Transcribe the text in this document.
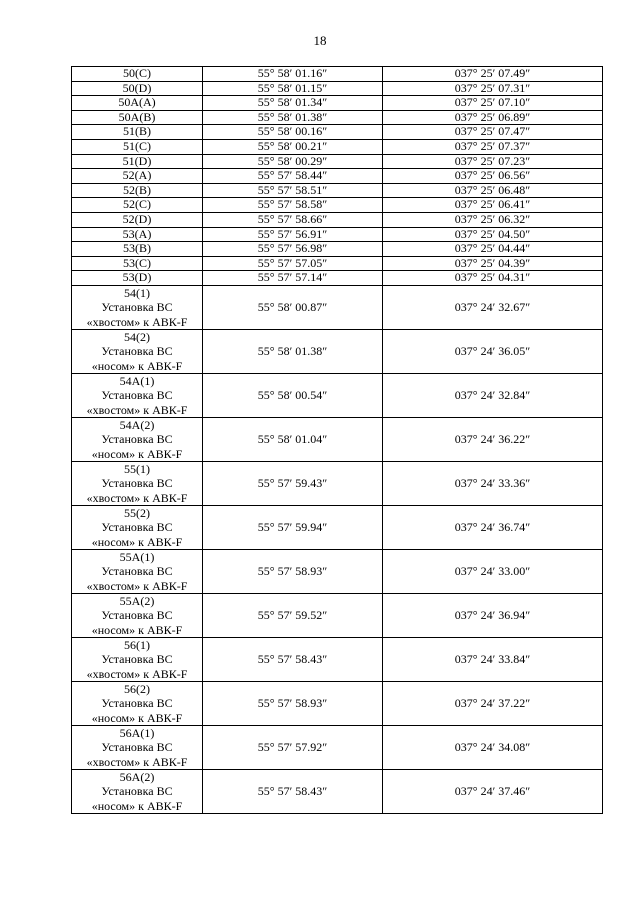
18
50(C)	55° 58′ 01.16″	037° 25′ 07.49″

50(D)	55° 58′ 01.15″	037° 25′ 07.31″

50A(A)	55° 58′ 01.34″	037° 25′ 07.10″

50A(B)	55° 58′ 01.38″	037° 25′ 06.89″

51(B)	55° 58′ 00.16″	037° 25′ 07.47″

51(C)	55° 58′ 00.21″	037° 25′ 07.37″

51(D)	55° 58′ 00.29″	037° 25′ 07.23″

52(A)	55° 57′ 58.44″	037° 25′ 06.56″

52(B)	55° 57′ 58.51″	037° 25′ 06.48″

52(C)	55° 57′ 58.58″	037° 25′ 06.41″

52(D)	55° 57′ 58.66″	037° 25′ 06.32″

53(A)	55° 57′ 56.91″	037° 25′ 04.50″

53(B)	55° 57′ 56.98″	037° 25′ 04.44″

53(C)	55° 57′ 57.05″	037° 25′ 04.39″

53(D)	55° 57′ 57.14″	037° 25′ 04.31″

54(1)
Установка ВС
«хвостом» к АВК-F	55° 58′ 00.87″	037° 24′ 32.67″

54(2)
Установка ВС
«носом» к АВК-F	55° 58′ 01.38″	037° 24′ 36.05″

54A(1)
Установка ВС
«хвостом» к АВК-F	55° 58′ 00.54″	037° 24′ 32.84″

54A(2)
Установка ВС
«носом» к АВК-F	55° 58′ 01.04″	037° 24′ 36.22″

55(1)
Установка ВС
«хвостом» к АВК-F	55° 57′ 59.43″	037° 24′ 33.36″

55(2)
Установка ВС
«носом» к АВК-F	55° 57′ 59.94″	037° 24′ 36.74″

55A(1)
Установка ВС
«хвостом» к АВК-F	55° 57′ 58.93″	037° 24′ 33.00″

55A(2)
Установка ВС
«носом» к АВК-F	55° 57′ 59.52″	037° 24′ 36.94″

56(1)
Установка ВС
«хвостом» к АВК-F	55° 57′ 58.43″	037° 24′ 33.84″

56(2)
Установка ВС
«носом» к АВК-F	55° 57′ 58.93″	037° 24′ 37.22″

56A(1)
Установка ВС
«хвостом» к АВК-F	55° 57′ 57.92″	037° 24′ 34.08″

56A(2)
Установка ВС
«носом» к АВК-F	55° 57′ 58.43″	037° 24′ 37.46″
